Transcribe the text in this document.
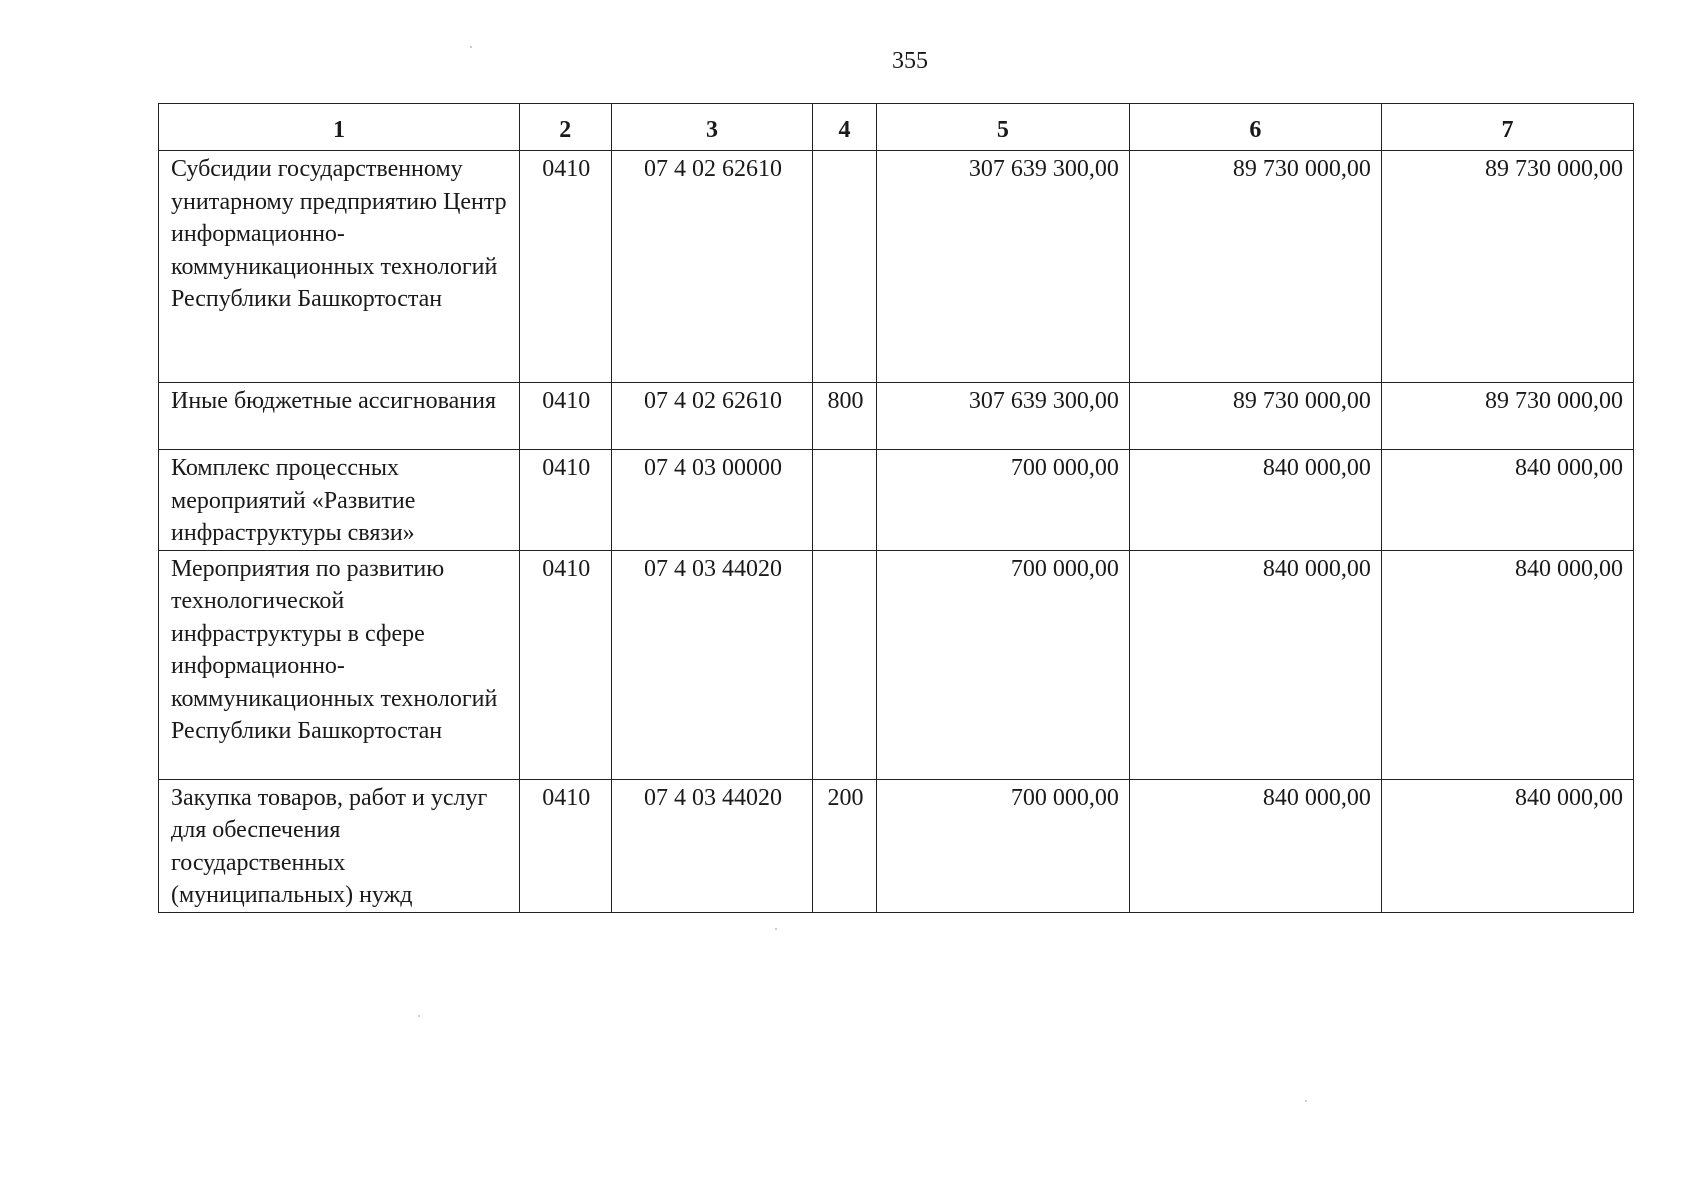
355
1	2	3	4	5	6	7
Субсидии государственному унитарному предприятию Центр информационно-коммуникационных технологий Республики Башкортостан	0410	07 4 02 62610		307 639 300,00	89 730 000,00	89 730 000,00
Иные бюджетные ассигнования	0410	07 4 02 62610	800	307 639 300,00	89 730 000,00	89 730 000,00
Комплекс процессных мероприятий «Развитие инфраструктуры связи»	0410	07 4 03 00000		700 000,00	840 000,00	840 000,00
Мероприятия по развитию технологической инфраструктуры в сфере информационно-коммуникационных технологий Республики Башкортостан	0410	07 4 03 44020		700 000,00	840 000,00	840 000,00
Закупка товаров, работ и услуг для обеспечения государственных (муниципальных) нужд	0410	07 4 03 44020	200	700 000,00	840 000,00	840 000,00
